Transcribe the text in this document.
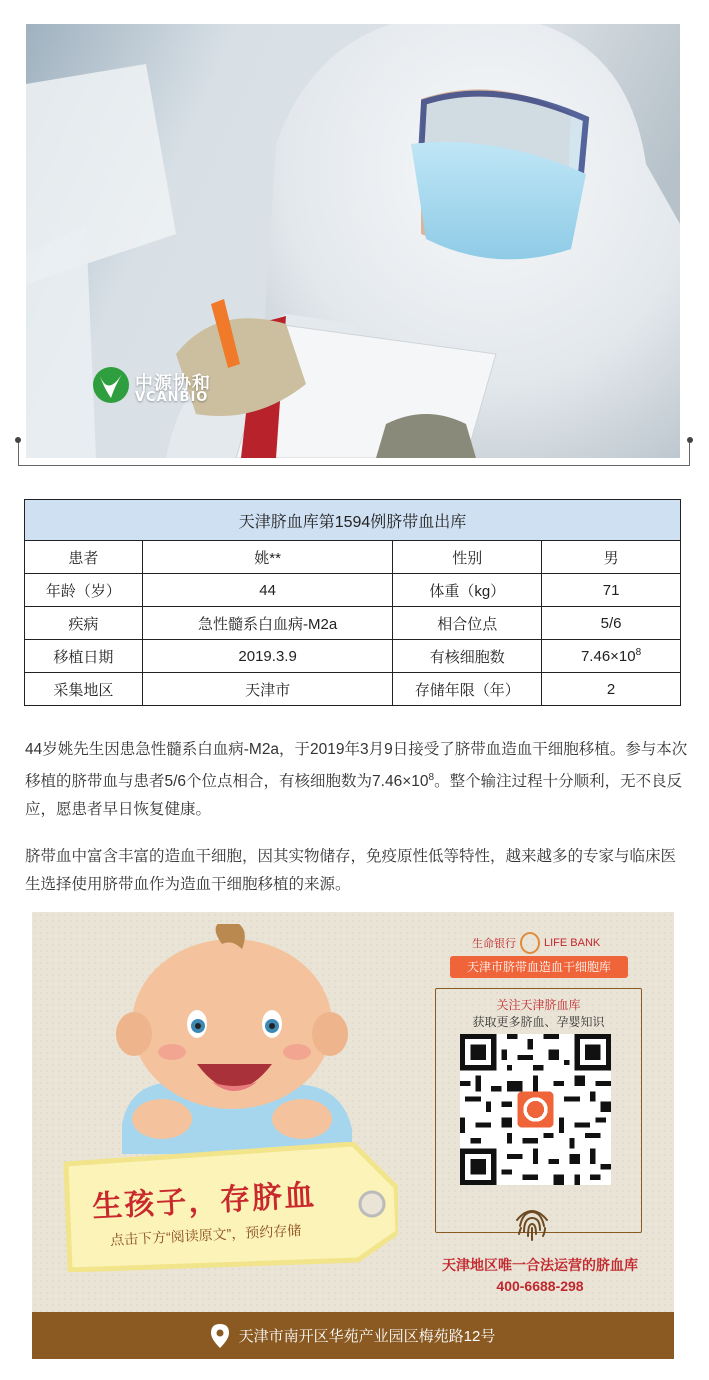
中源协和
VCANBIO
天津脐血库第1594例脐带血出库			
患者	姚**	性别	男
年龄（岁）	44	体重（kg）	71
疾病	急性髓系白血病-M2a	相合位点	5/6
移植日期	2019.3.9	有核细胞数	$7.46\times 10^8$
采集地区	天津市	存储年限（年）	2

44岁姚先生因患急性髓系白血病-M2a，于2019年3月9日接受了脐带血造血干细胞移植。参与本次移植的脐带血与患者5/6个位点相合，有核细胞数为$7.46\times 10^8$。整个输注过程十分顺利，无不良反应，愿患者早日恢复健康。

脐带血中富含丰富的造血干细胞，因其实物储存，免疫原性低等特性，越来越多的专家与临床医生选择使用脐带血作为造血干细胞移植的来源。

生孩子，存脐血
点击下方“阅读原文”，预约存储
生命银行	LIFE BANK
天津市脐带血造血干细胞库
关注天津脐血库
获取更多脐血、孕婴知识
天津地区唯一合法运营的脐血库
400-6688-298
天津市南开区华苑产业园区梅苑路12号
